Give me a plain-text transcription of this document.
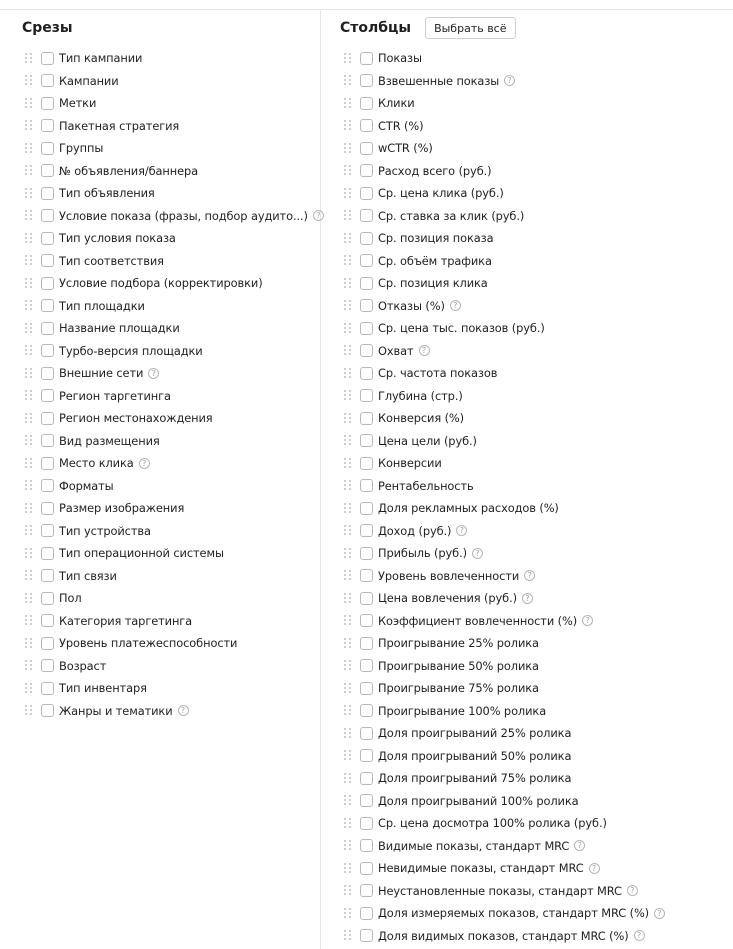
Срезы
Тип кампании
Кампании
Метки
Пакетная стратегия
Группы
№ объявления/баннера
Тип объявления
Условие показа (фразы, подбор аудито...)	?
Тип условия показа
Тип соответствия
Условие подбора (корректировки)
Тип площадки
Название площадки
Турбо-версия площадки
Внешние сети	?
Регион таргетинга
Регион местонахождения
Вид размещения
Место клика	?
Форматы
Размер изображения
Тип устройства
Тип операционной системы
Тип связи
Пол
Категория таргетинга
Уровень платежеспособности
Возраст
Тип инвентаря
Жанры и тематики	?
Столбцы	Выбрать всё
Показы
Взвешенные показы	?
Клики
CTR (%)
wCTR (%)
Расход всего (руб.)
Ср. цена клика (руб.)
Ср. ставка за клик (руб.)
Ср. позиция показа
Ср. объём трафика
Ср. позиция клика
Отказы (%)	?
Ср. цена тыс. показов (руб.)
Охват	?
Ср. частота показов
Глубина (стр.)
Конверсия (%)
Цена цели (руб.)
Конверсии
Рентабельность
Доля рекламных расходов (%)
Доход (руб.)	?
Прибыль (руб.)	?
Уровень вовлеченности	?
Цена вовлечения (руб.)	?
Коэффициент вовлеченности (%)	?
Проигрывание 25% ролика
Проигрывание 50% ролика
Проигрывание 75% ролика
Проигрывание 100% ролика
Доля проигрываний 25% ролика
Доля проигрываний 50% ролика
Доля проигрываний 75% ролика
Доля проигрываний 100% ролика
Ср. цена досмотра 100% ролика (руб.)
Видимые показы, стандарт MRC	?
Невидимые показы, стандарт MRC	?
Неустановленные показы, стандарт MRC	?
Доля измеряемых показов, стандарт MRC (%)	?
Доля видимых показов, стандарт MRC (%)	?
